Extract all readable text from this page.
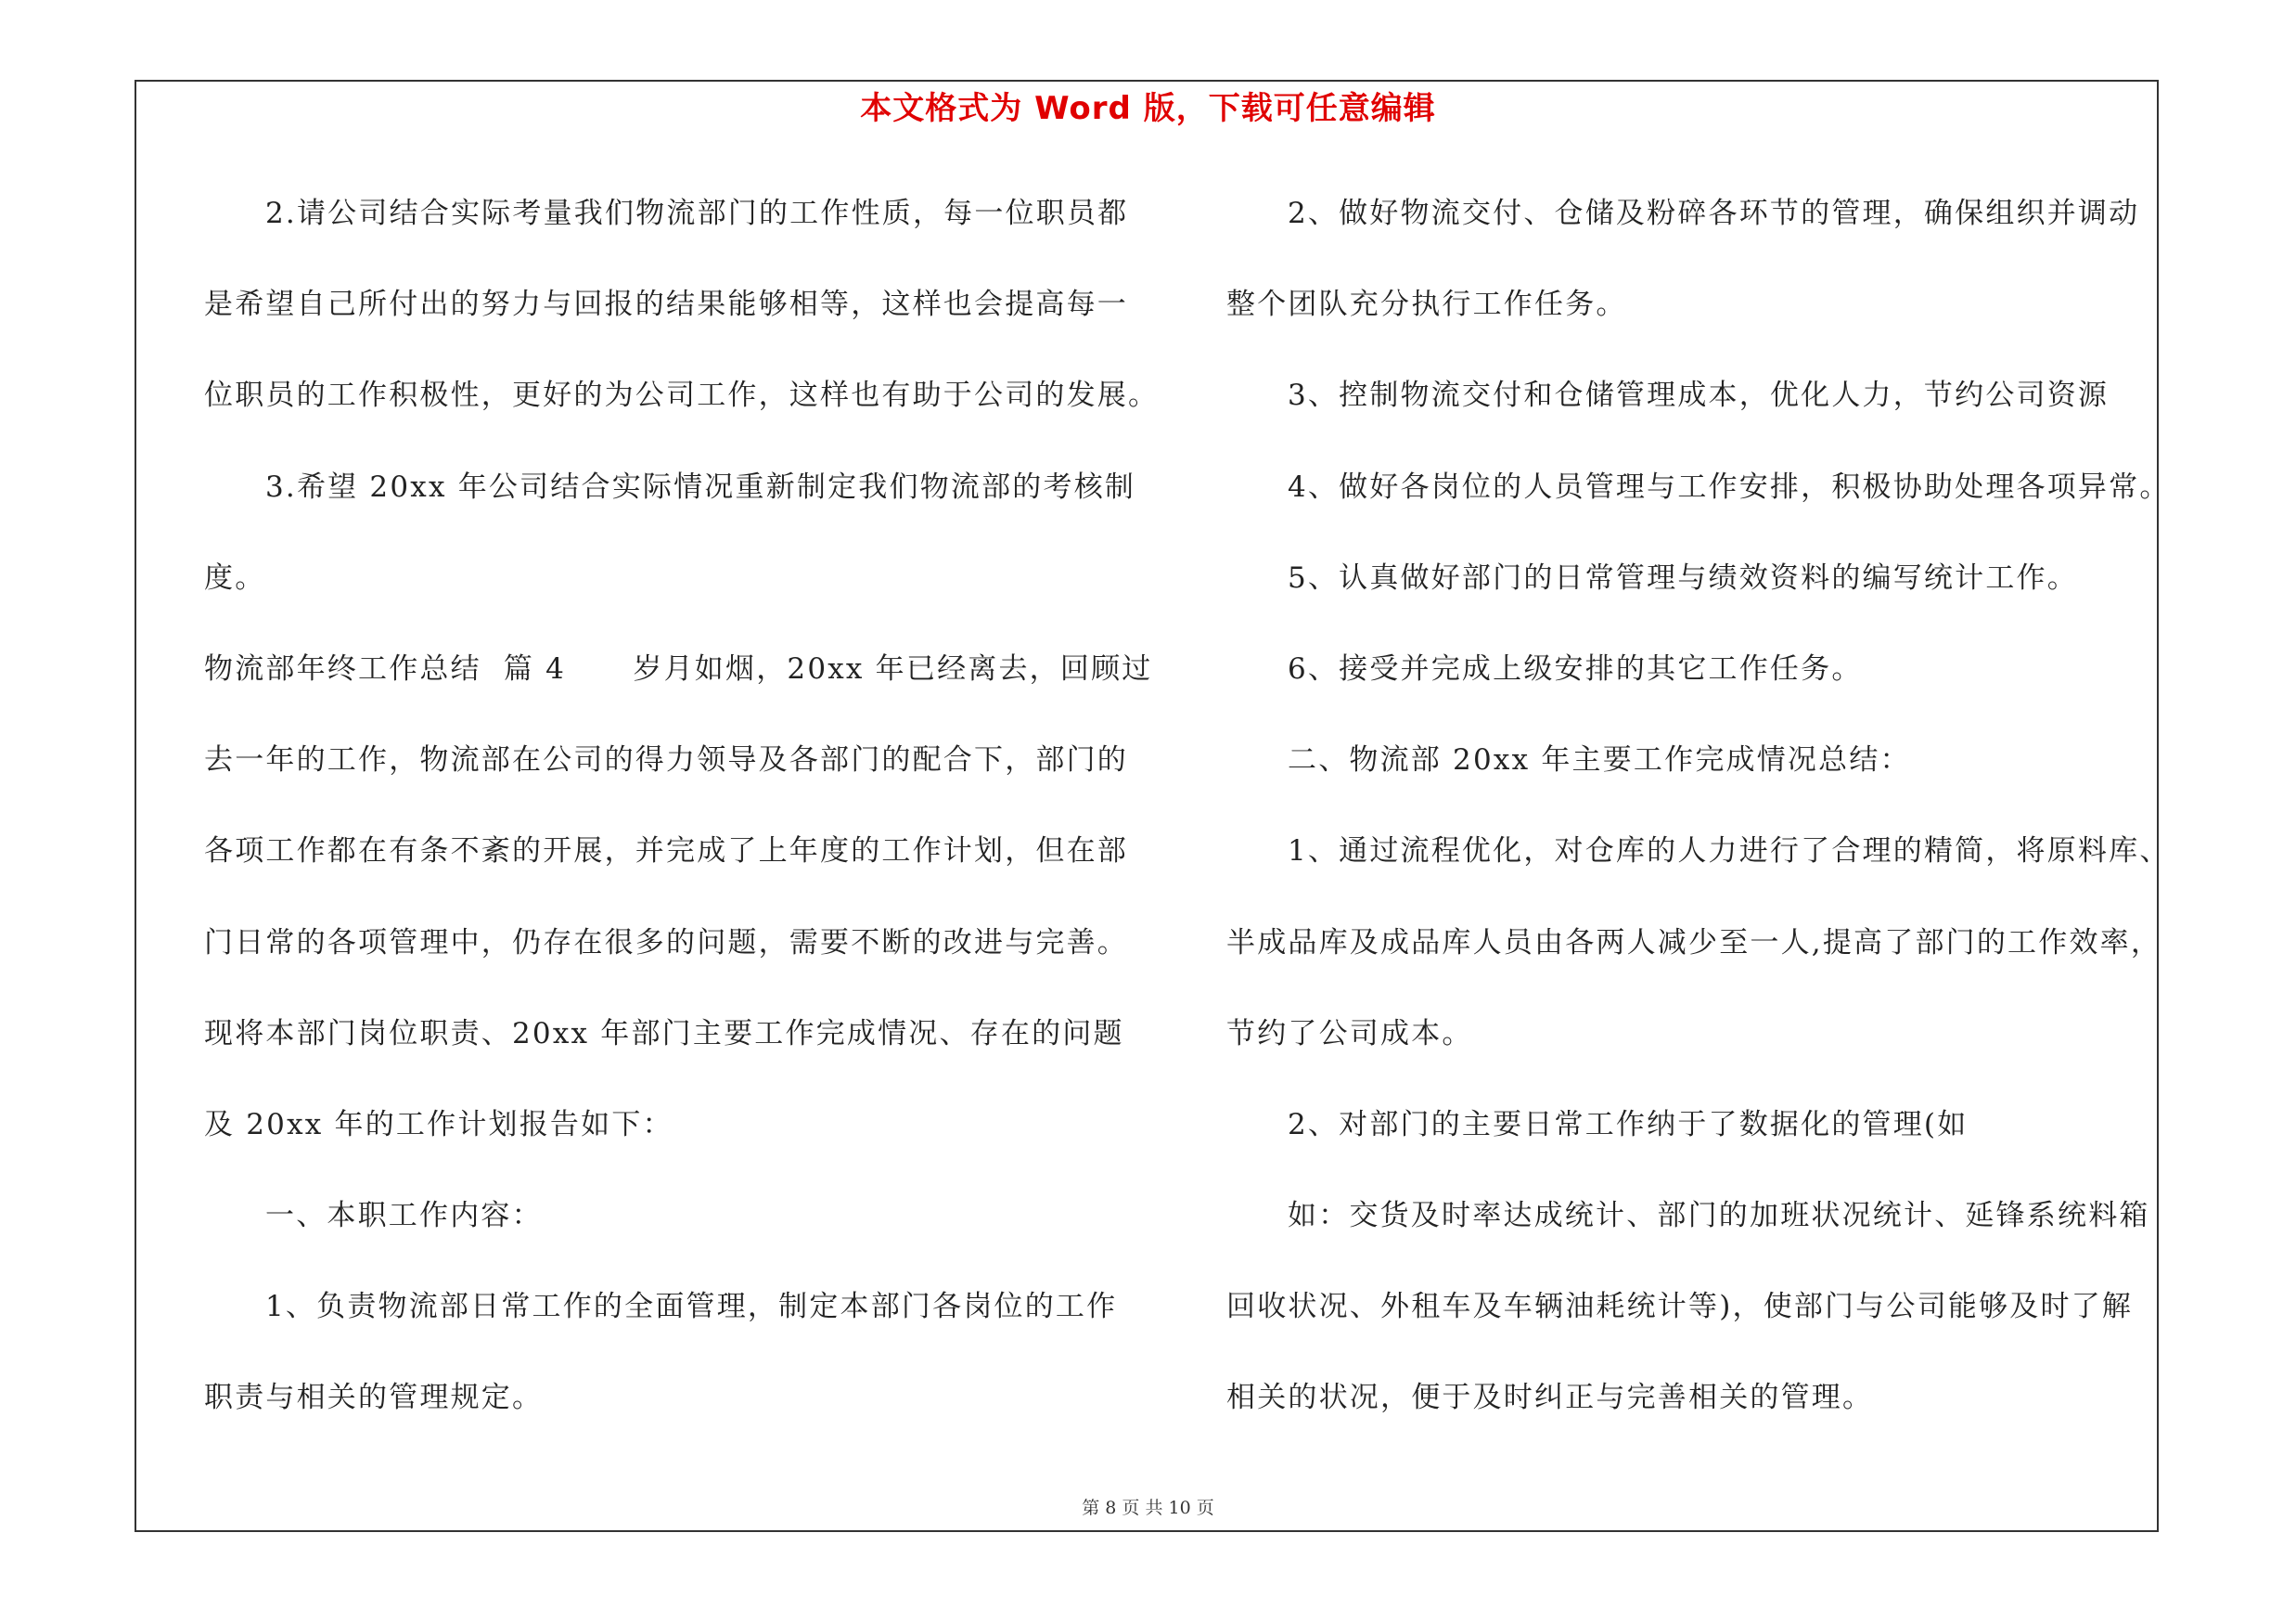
本文格式为 Word 版，下载可任意编辑
2.请公司结合实际考量我们物流部门的工作性质，每一位职员都
是希望自己所付出的努力与回报的结果能够相等，这样也会提高每一
位职员的工作积极性，更好的为公司工作，这样也有助于公司的发展。
3.希望 20xx 年公司结合实际情况重新制定我们物流部的考核制
度。
物流部年终工作总结  篇 4      岁月如烟，20xx 年已经离去，回顾过
去一年的工作，物流部在公司的得力领导及各部门的配合下，部门的
各项工作都在有条不紊的开展，并完成了上年度的工作计划，但在部
门日常的各项管理中，仍存在很多的问题，需要不断的改进与完善。
现将本部门岗位职责、20xx 年部门主要工作完成情况、存在的问题
及 20xx 年的工作计划报告如下：
一、本职工作内容：
1、负责物流部日常工作的全面管理，制定本部门各岗位的工作
职责与相关的管理规定。
2、做好物流交付、仓储及粉碎各环节的管理，确保组织并调动
整个团队充分执行工作任务。
3、控制物流交付和仓储管理成本，优化人力，节约公司资源
4、做好各岗位的人员管理与工作安排，积极协助处理各项异常。
5、认真做好部门的日常管理与绩效资料的编写统计工作。
6、接受并完成上级安排的其它工作任务。
二、物流部 20xx 年主要工作完成情况总结：
1、通过流程优化，对仓库的人力进行了合理的精简，将原料库、
半成品库及成品库人员由各两人减少至一人,提高了部门的工作效率，
节约了公司成本。
2、对部门的主要日常工作纳于了数据化的管理(如
如：交货及时率达成统计、部门的加班状况统计、延锋系统料箱
回收状况、外租车及车辆油耗统计等)，使部门与公司能够及时了解
相关的状况，便于及时纠正与完善相关的管理。
第 8 页 共 10 页
